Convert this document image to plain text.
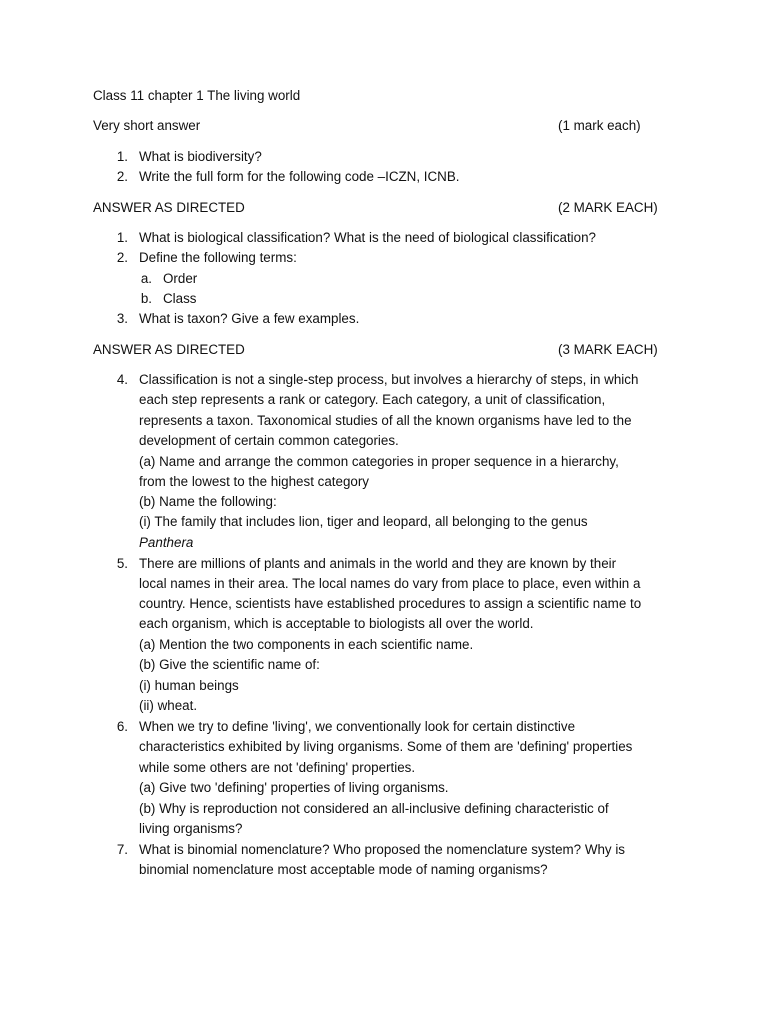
Class 11 chapter 1 The living world
Very short answer	(1 mark each)
1. What is biodiversity?
2. Write the full form for the following code –ICZN, ICNB.
ANSWER AS DIRECTED	(2 MARK EACH)
1. What is biological classification? What is the need of biological classification?
2. Define the following terms:
a. Order
b. Class
3. What is taxon? Give a few examples.
ANSWER AS DIRECTED	(3 MARK EACH)
4. Classification is not a single-step process, but involves a hierarchy of steps, in which
each step represents a rank or category. Each category, a unit of classification,
represents a taxon. Taxonomical studies of all the known organisms have led to the
development of certain common categories.
(a) Name and arrange the common categories in proper sequence in a hierarchy,
from the lowest to the highest category
(b) Name the following:
(i) The family that includes lion, tiger and leopard, all belonging to the genus
Panthera
5. There are millions of plants and animals in the world and they are known by their
local names in their area. The local names do vary from place to place, even within a
country. Hence, scientists have established procedures to assign a scientific name to
each organism, which is acceptable to biologists all over the world.
(a) Mention the two components in each scientific name.
(b) Give the scientific name of:
(i) human beings
(ii) wheat.
6. When we try to define 'living', we conventionally look for certain distinctive
characteristics exhibited by living organisms. Some of them are 'defining' properties
while some others are not 'defining' properties.
(a) Give two 'defining' properties of living organisms.
(b) Why is reproduction not considered an all-inclusive defining characteristic of
living organisms?
7. What is binomial nomenclature? Who proposed the nomenclature system? Why is
binomial nomenclature most acceptable mode of naming organisms?
